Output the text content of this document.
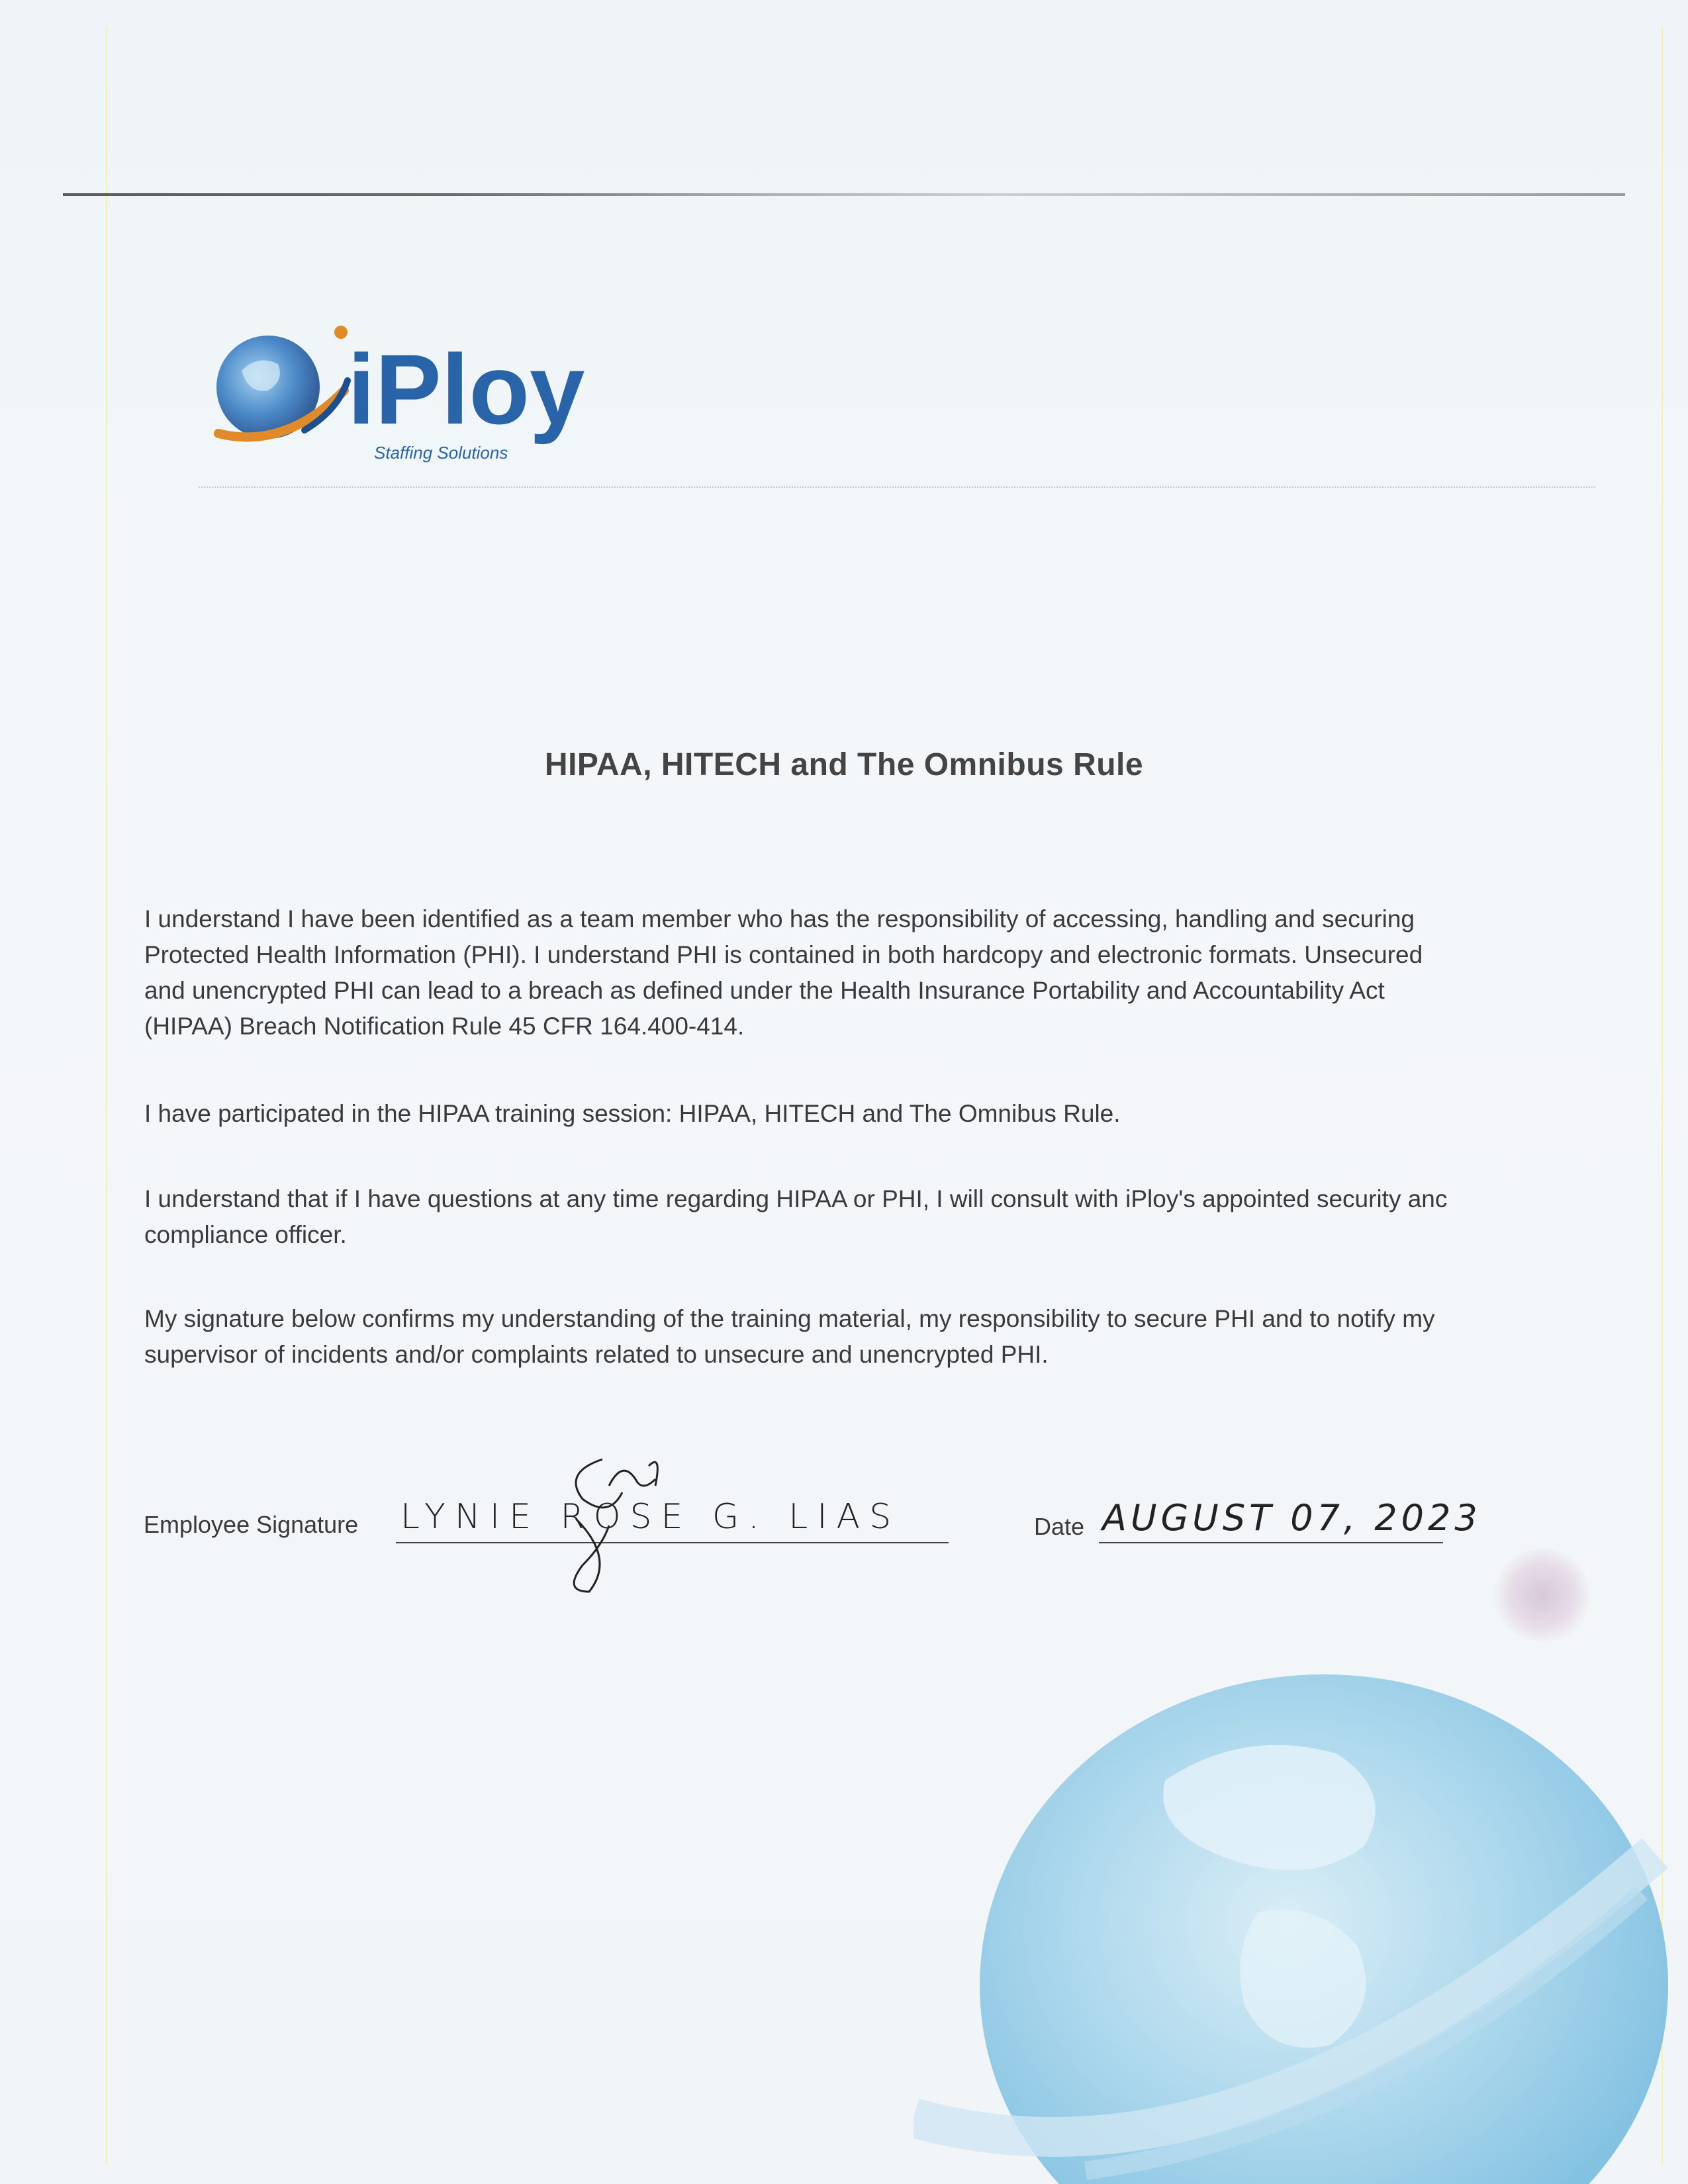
iPloy
Staffing Solutions
HIPAA, HITECH and The Omnibus Rule
I understand I have been identified as a team member who has the responsibility of accessing, handling and securing
Protected Health Information (PHI). I understand PHI is contained in both hardcopy and electronic formats. Unsecured
and unencrypted PHI can lead to a breach as defined under the Health Insurance Portability and Accountability Act
(HIPAA) Breach Notification Rule 45 CFR 164.400-414.
I have participated in the HIPAA training session: HIPAA, HITECH and The Omnibus Rule.
I understand that if I have questions at any time regarding HIPAA or PHI, I will consult with iPloy's appointed security anc
compliance officer.
My signature below confirms my understanding of the training material, my responsibility to secure PHI and to notify my
supervisor of incidents and/or complaints related to unsecure and unencrypted PHI.
Employee Signature LYNIE ROSE G. LIAS	Date AUGUST 07, 2023
